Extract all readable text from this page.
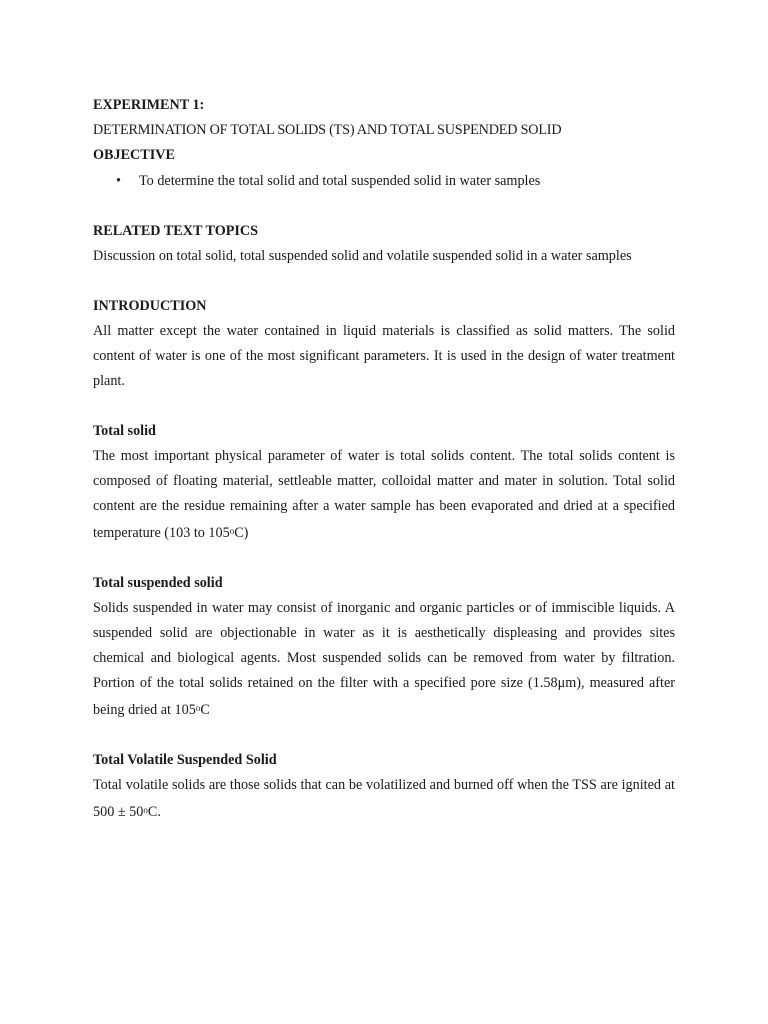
EXPERIMENT 1:

DETERMINATION OF TOTAL SOLIDS (TS) AND TOTAL SUSPENDED SOLID

OBJECTIVE

• To determine the total solid and total suspended solid in water samples

RELATED TEXT TOPICS

Discussion on total solid, total suspended solid and volatile suspended solid in a water samples

INTRODUCTION

All matter except the water contained in liquid materials is classified as solid matters. The solid content of water is one of the most significant parameters. It is used in the design of water treatment plant.

Total solid

The most important physical parameter of water is total solids content. The total solids content is composed of floating material, settleable matter, colloidal matter and mater in solution. Total solid content are the residue remaining after a water sample has been evaporated and dried at a specified temperature (103 to 105$^o$C)

Total suspended solid

Solids suspended in water may consist of inorganic and organic particles or of immiscible liquids. A suspended solid are objectionable in water as it is aesthetically displeasing and provides sites chemical and biological agents. Most suspended solids can be removed from water by filtration. Portion of the total solids retained on the filter with a specified pore size (1.58μm), measured after being dried at 105$^o$C

Total Volatile Suspended Solid

Total volatile solids are those solids that can be volatilized and burned off when the TSS are ignited at $500 \pm 50^oC$.
